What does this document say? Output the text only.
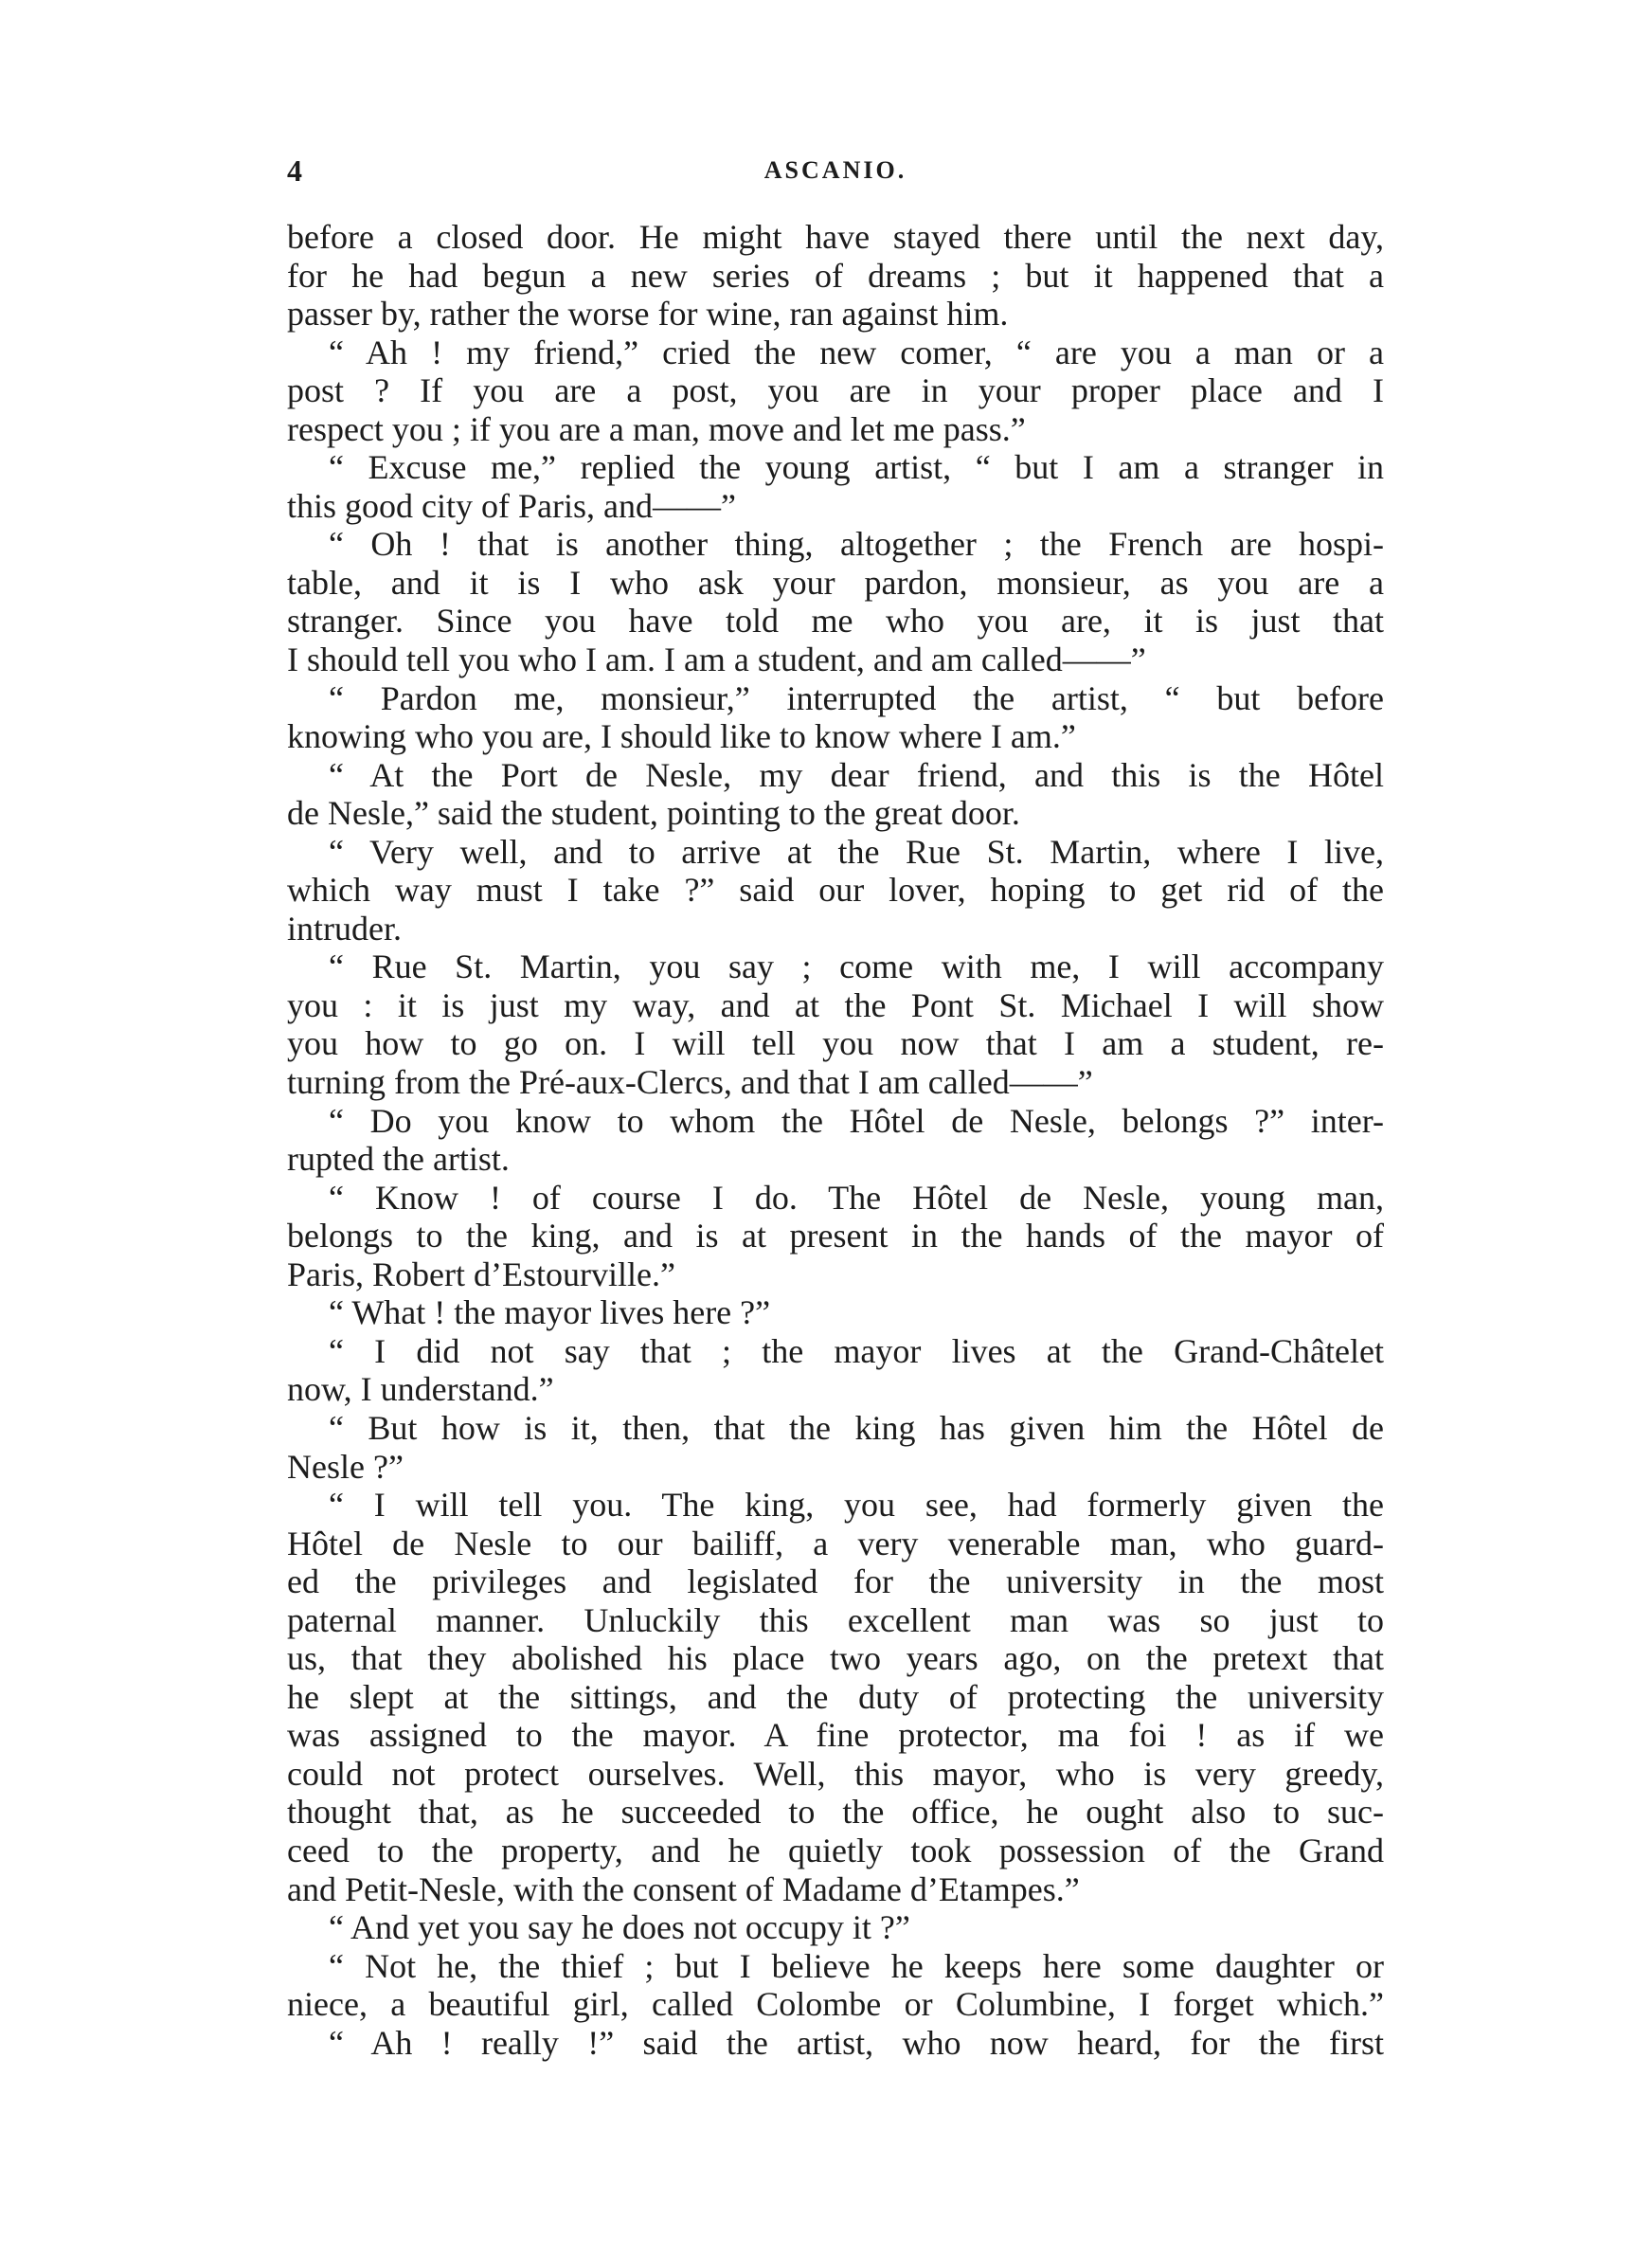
4	ASCANIO.
before a closed door. He might have stayed there until the next day,
for he had begun a new series of dreams ; but it happened that a
passer by, rather the worse for wine, ran against him.
“ Ah ! my friend,” cried the new comer, “ are you a man or a
post ? If you are a post, you are in your proper place and I
respect you ; if you are a man, move and let me pass.”
“ Excuse me,” replied the young artist, “ but I am a stranger in
this good city of Paris, and——”
“ Oh ! that is another thing, altogether ; the French are hospi-
table, and it is I who ask your pardon, monsieur, as you are a
stranger. Since you have told me who you are, it is just that
I should tell you who I am. I am a student, and am called——”
“ Pardon me, monsieur,” interrupted the artist, “ but before
knowing who you are, I should like to know where I am.”
“ At the Port de Nesle, my dear friend, and this is the Hôtel
de Nesle,” said the student, pointing to the great door.
“ Very well, and to arrive at the Rue St. Martin, where I live,
which way must I take ?” said our lover, hoping to get rid of the
intruder.
“ Rue St. Martin, you say ; come with me, I will accompany
you : it is just my way, and at the Pont St. Michael I will show
you how to go on. I will tell you now that I am a student, re-
turning from the Pré-aux-Clercs, and that I am called——”
“ Do you know to whom the Hôtel de Nesle, belongs ?” inter-
rupted the artist.
“ Know ! of course I do. The Hôtel de Nesle, young man,
belongs to the king, and is at present in the hands of the mayor of
Paris, Robert d’Estourville.”
“ What ! the mayor lives here ?”
“ I did not say that ; the mayor lives at the Grand-Châtelet
now, I understand.”
“ But how is it, then, that the king has given him the Hôtel de
Nesle ?”
“ I will tell you. The king, you see, had formerly given the
Hôtel de Nesle to our bailiff, a very venerable man, who guard-
ed the privileges and legislated for the university in the most
paternal manner. Unluckily this excellent man was so just to
us, that they abolished his place two years ago, on the pretext that
he slept at the sittings, and the duty of protecting the university
was assigned to the mayor. A fine protector, ma foi ! as if we
could not protect ourselves. Well, this mayor, who is very greedy,
thought that, as he succeeded to the office, he ought also to suc-
ceed to the property, and he quietly took possession of the Grand
and Petit-Nesle, with the consent of Madame d’Etampes.”
“ And yet you say he does not occupy it ?”
“ Not he, the thief ; but I believe he keeps here some daughter or
niece, a beautiful girl, called Colombe or Columbine, I forget which.”
“ Ah ! really !” said the artist, who now heard, for the first
